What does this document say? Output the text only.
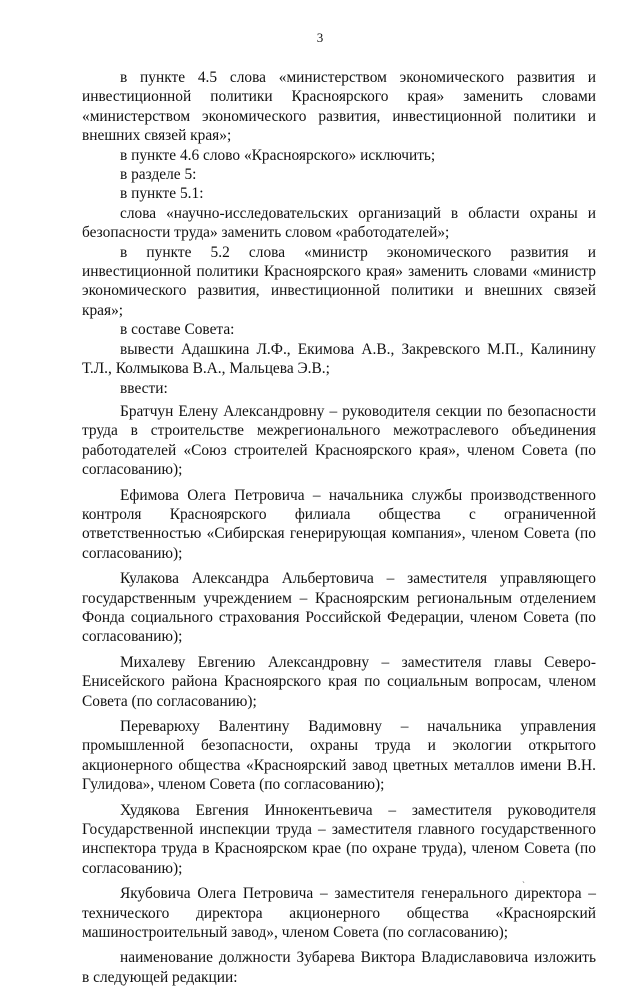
3

в пункте 4.5 слова «министерством экономического развития и инвестиционной политики Красноярского края» заменить словами «министерством экономического развития, инвестиционной политики и внешних связей края»;

в пункте 4.6 слово «Красноярского» исключить;

в разделе 5:

в пункте 5.1:

слова «научно-исследовательских организаций в области охраны и безопасности труда» заменить словом «работодателей»;

в пункте 5.2 слова «министр экономического развития и инвестиционной политики Красноярского края» заменить словами «министр экономического развития, инвестиционной политики и внешних связей края»;

в составе Совета:

вывести Адашкина Л.Ф., Екимова А.В., Закревского М.П., Калинину Т.Л., Колмыкова В.А., Мальцева Э.В.;

ввести:

Братчун Елену Александровну – руководителя секции по безопасности труда в строительстве межрегионального межотраслевого объединения работодателей «Союз строителей Красноярского края», членом Совета (по согласованию);

Ефимова Олега Петровича – начальника службы производственного контроля Красноярского филиала общества с ограниченной ответственностью «Сибирская генерирующая компания», членом Совета (по согласованию);

Кулакова Александра Альбертовича – заместителя управляющего государственным учреждением – Красноярским региональным отделением Фонда социального страхования Российской Федерации, членом Совета (по согласованию);

Михалеву Евгению Александровну – заместителя главы Северо-Енисейского района Красноярского края по социальным вопросам, членом Совета (по согласованию);

Переварюху Валентину Вадимовну – начальника управления промышленной безопасности, охраны труда и экологии открытого акционерного общества «Красноярский завод цветных металлов имени В.Н. Гулидова», членом Совета (по согласованию);

Худякова Евгения Иннокентьевича – заместителя руководителя Государственной инспекции труда – заместителя главного государственного инспектора труда в Красноярском крае (по охране труда), членом Совета (по согласованию);

Якубовича Олега Петровича – заместителя генерального директора – технического директора акционерного общества «Красноярский машиностроительный завод», членом Совета (по согласованию);

наименование должности Зубарева Виктора Владиславовича изложить в следующей редакции:

ˎ
